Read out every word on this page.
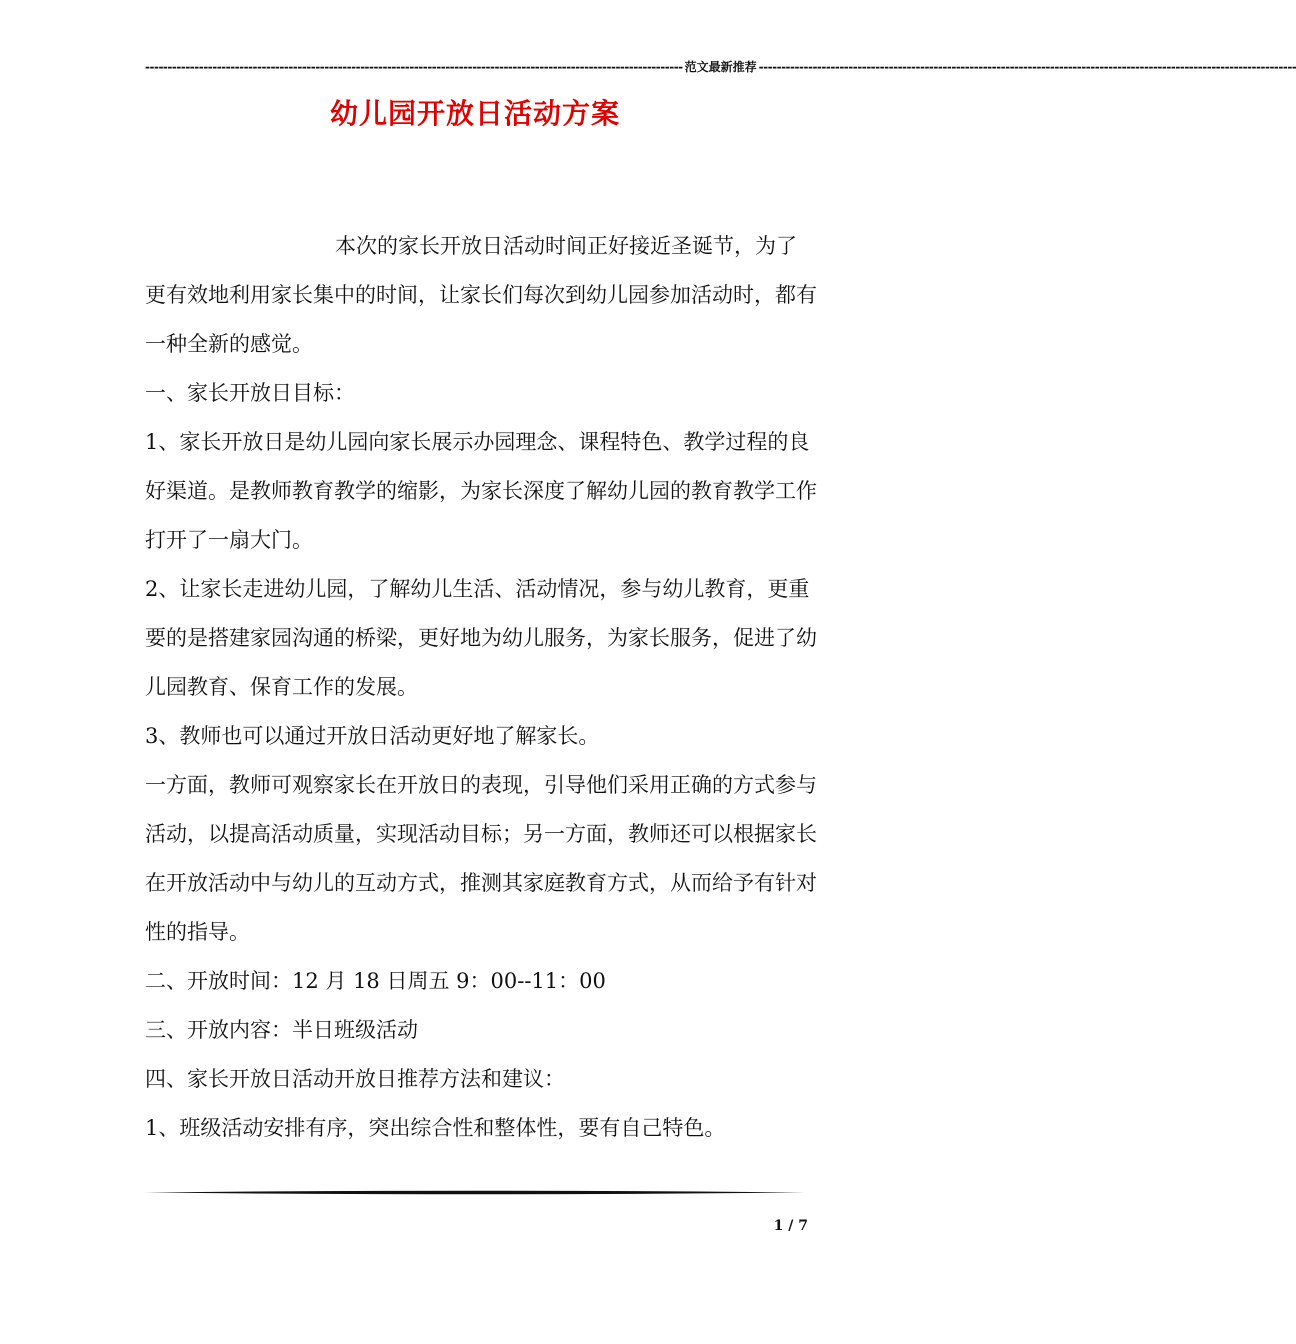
------------------------------------------------------------------------------------------------------------------------ 范文最新推荐 ------------------------------------------------------------------------------------------------------------------------
幼儿园开放日活动方案

本次的家长开放日活动时间正好接近圣诞节，为了更有效地利用家长集中的时间，让家长们每次到幼儿园参加活动时，都有一种全新的感觉。

一、家长开放日目标：

1、家长开放日是幼儿园向家长展示办园理念、课程特色、教学过程的良好渠道。是教师教育教学的缩影，为家长深度了解幼儿园的教育教学工作打开了一扇大门。

2、让家长走进幼儿园，了解幼儿生活、活动情况，参与幼儿教育，更重要的是搭建家园沟通的桥梁，更好地为幼儿服务，为家长服务，促进了幼儿园教育、保育工作的发展。

3、教师也可以通过开放日活动更好地了解家长。

一方面，教师可观察家长在开放日的表现，引导他们采用正确的方式参与活动，以提高活动质量，实现活动目标；另一方面，教师还可以根据家长在开放活动中与幼儿的互动方式，推测其家庭教育方式，从而给予有针对性的指导。

二、开放时间：12 月 18 日周五 9：00--11：00

三、开放内容：半日班级活动

四、家长开放日活动开放日推荐方法和建议：

1、班级活动安排有序，突出综合性和整体性，要有自己特色。

1 / 7
